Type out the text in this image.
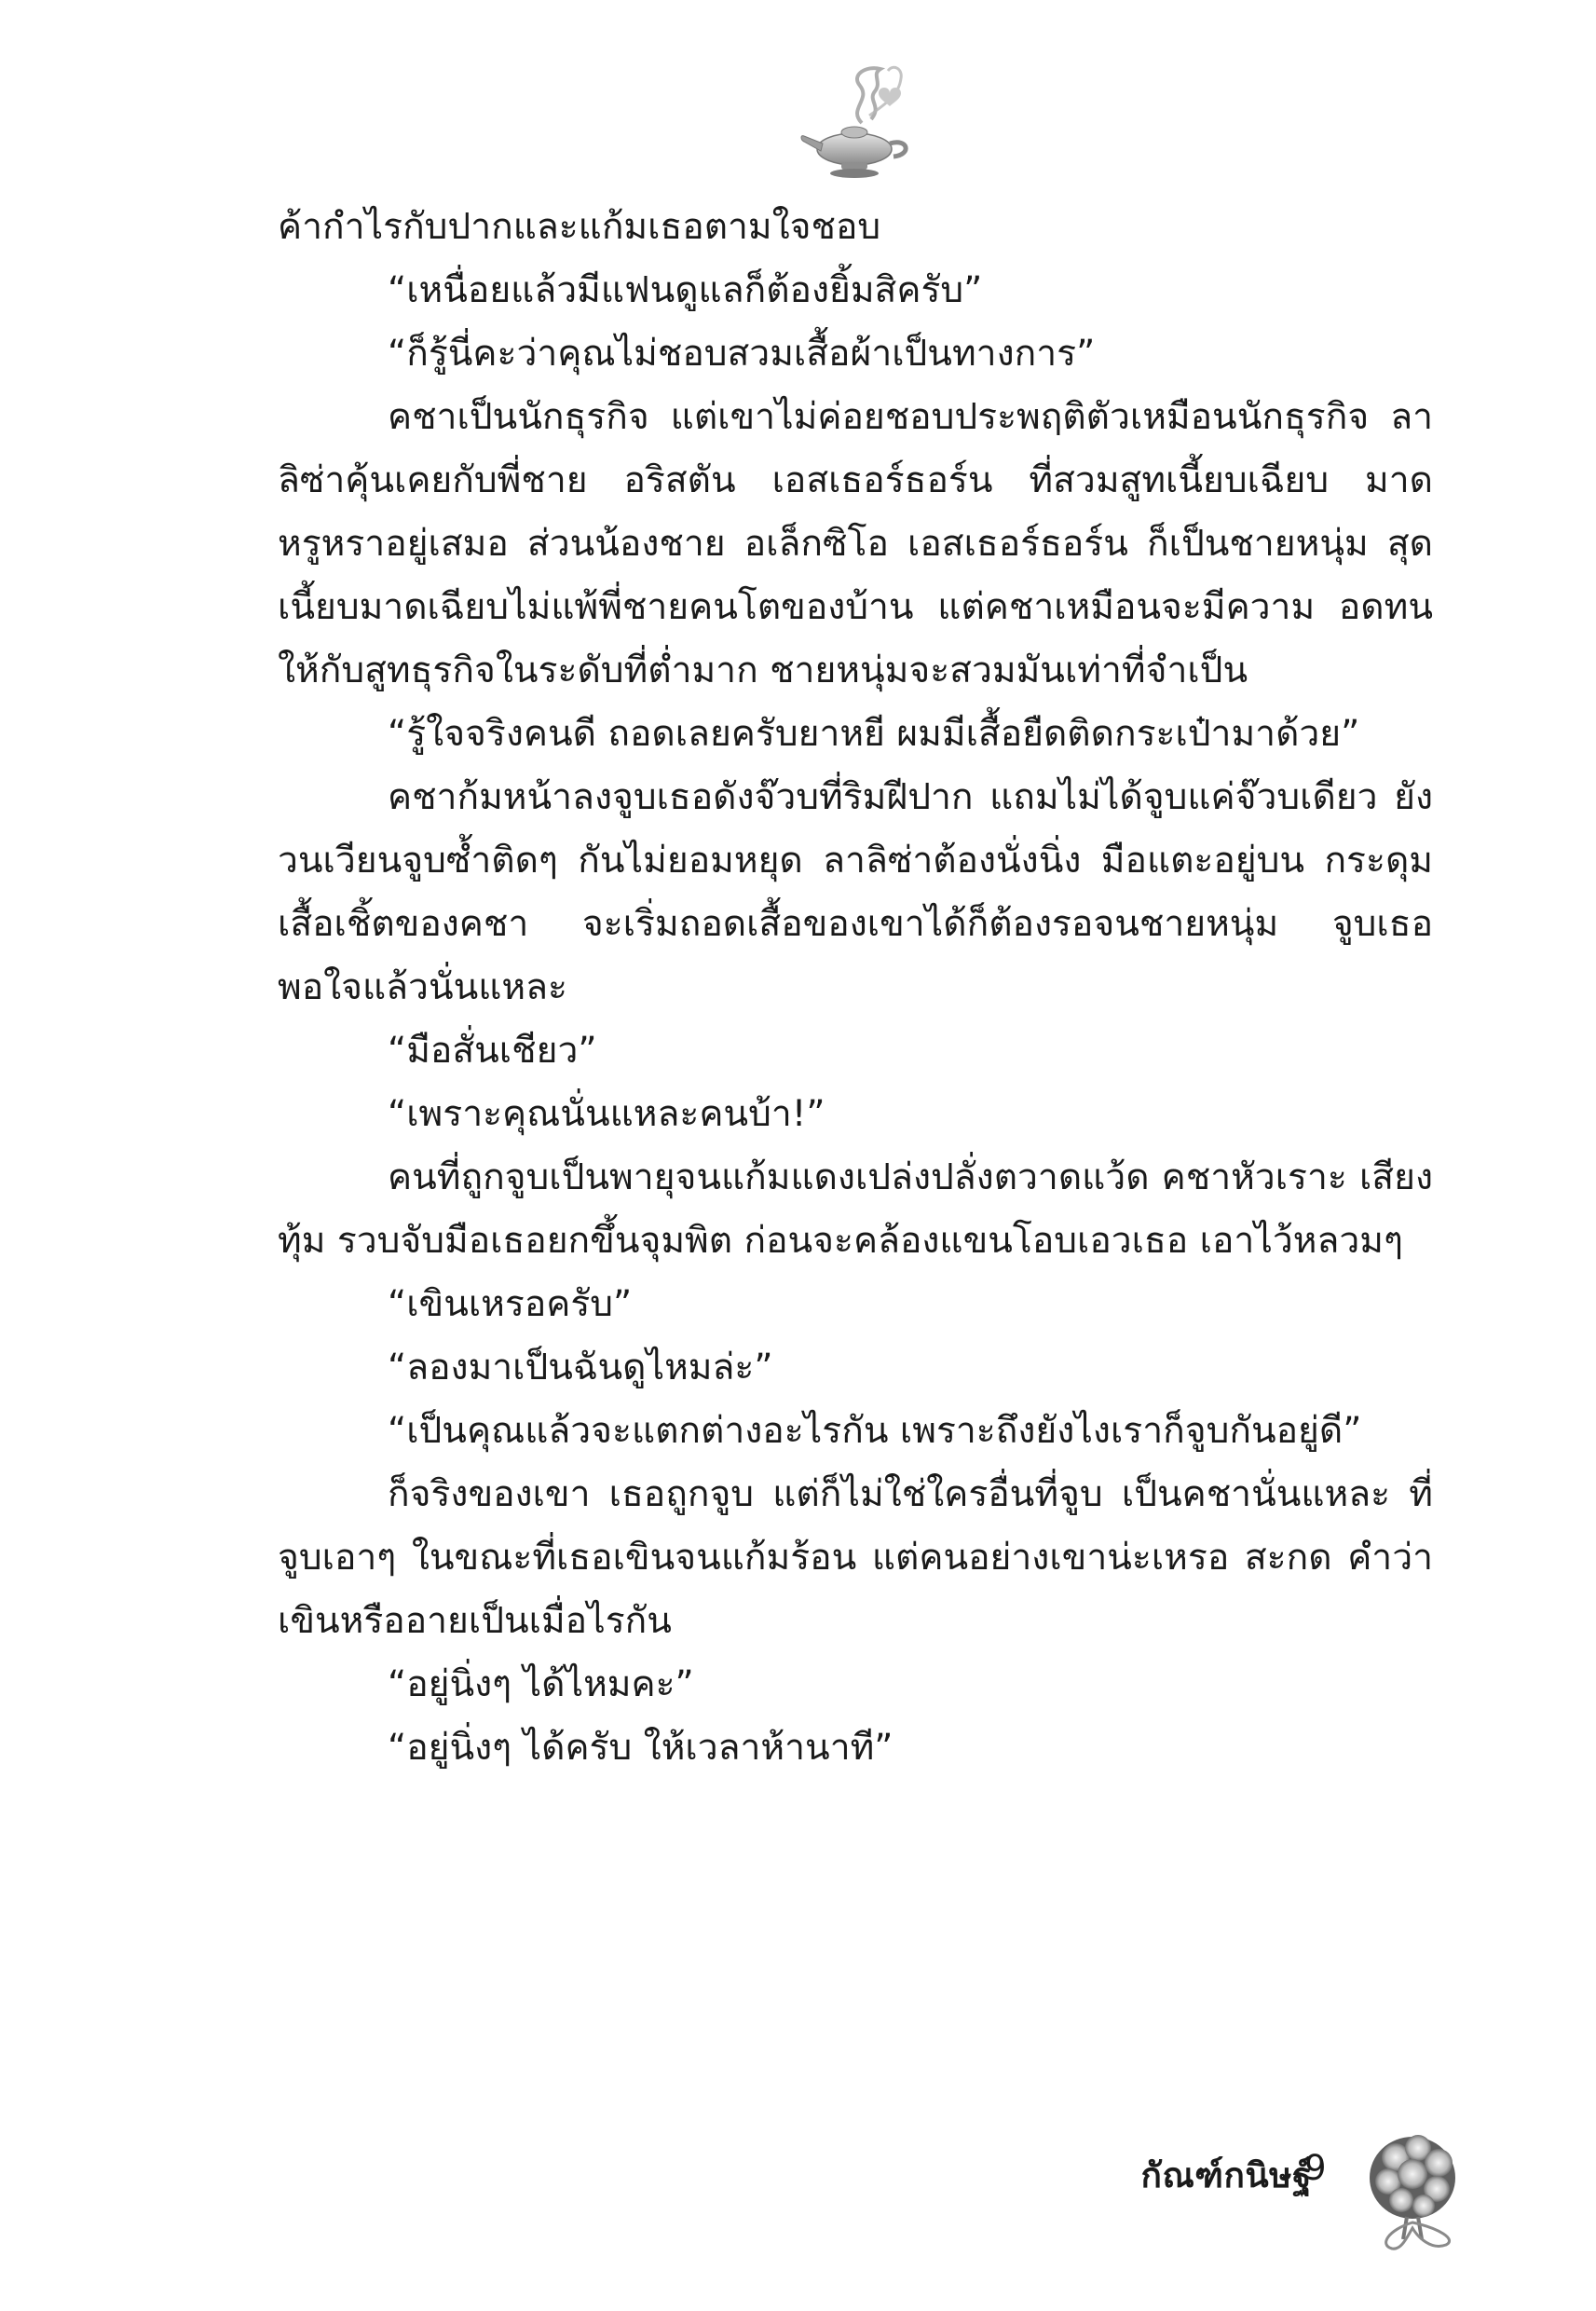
ค้ากำไรกับปากและแก้มเธอตามใจชอบ

“เหนื่อยแล้วมีแฟนดูแลก็ต้องยิ้มสิครับ”

“ก็รู้นี่คะว่าคุณไม่ชอบสวมเสื้อผ้าเป็นทางการ”

คชาเป็นนักธุรกิจ แต่เขาไม่ค่อยชอบประพฤติตัวเหมือนนักธุรกิจ ลาลิซ่าคุ้นเคยกับพี่ชาย อริสตัน เอสเธอร์ธอร์น ที่สวมสูทเนี้ยบเฉียบ มาดหรูหราอยู่เสมอ ส่วนน้องชาย อเล็กซิโอ เอสเธอร์ธอร์น ก็เป็นชายหนุ่ม สุดเนี้ยบมาดเฉียบไม่แพ้พี่ชายคนโตของบ้าน แต่คชาเหมือนจะมีความ อดทนให้กับสูทธุรกิจในระดับที่ต่ำมาก ชายหนุ่มจะสวมมันเท่าที่จำเป็น

“รู้ใจจริงคนดี ถอดเลยครับยาหยี ผมมีเสื้อยืดติดกระเป๋ามาด้วย”

คชาก้มหน้าลงจูบเธอดังจ๊วบที่ริมฝีปาก แถมไม่ได้จูบแค่จ๊วบเดียว ยังวนเวียนจูบซ้ำติดๆ กันไม่ยอมหยุด ลาลิซ่าต้องนั่งนิ่ง มือแตะอยู่บน กระดุมเสื้อเชิ้ตของคชา จะเริ่มถอดเสื้อของเขาได้ก็ต้องรอจนชายหนุ่ม จูบเธอพอใจแล้วนั่นแหละ

“มือสั่นเชียว”

“เพราะคุณนั่นแหละคนบ้า!”

คนที่ถูกจูบเป็นพายุจนแก้มแดงเปล่งปลั่งตวาดแว้ด คชาหัวเราะ เสียงทุ้ม รวบจับมือเธอยกขึ้นจุมพิต ก่อนจะคล้องแขนโอบเอวเธอ เอาไว้หลวมๆ

“เขินเหรอครับ”

“ลองมาเป็นฉันดูไหมล่ะ”

“เป็นคุณแล้วจะแตกต่างอะไรกัน เพราะถึงยังไงเราก็จูบกันอยู่ดี”

ก็จริงของเขา เธอถูกจูบ แต่ก็ไม่ใช่ใครอื่นที่จูบ เป็นคชานั่นแหละ ที่จูบเอาๆ ในขณะที่เธอเขินจนแก้มร้อน แต่คนอย่างเขาน่ะเหรอ สะกด คำว่าเขินหรืออายเป็นเมื่อไรกัน

“อยู่นิ่งๆ ได้ไหมคะ”

“อยู่นิ่งๆ ได้ครับ ให้เวลาห้านาที”

กัณฑ์กนิษฐ์
9
